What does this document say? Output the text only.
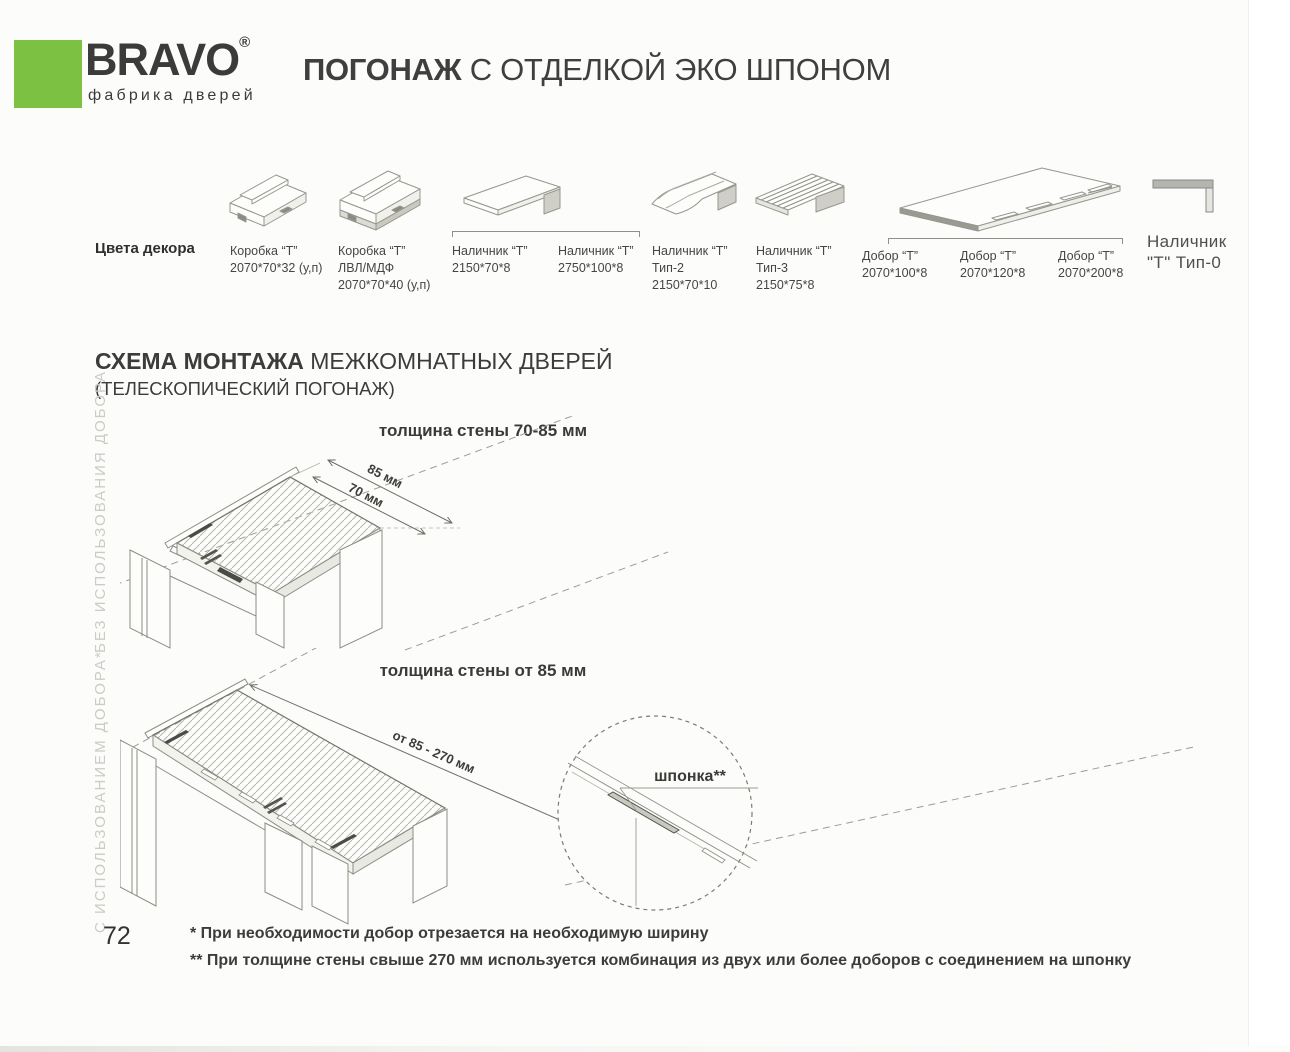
BRAVO®
фабрика дверей
ПОГОНАЖ С ОТДЕЛКОЙ ЭКО ШПОНОМ
Цвета декора	Коробка “Т”
2070*70*32 (у,п)
Коробка “Т”
ЛВЛ/МДФ
2070*70*40 (у,п)
Наличник “Т”
2150*70*8
Наличник “Т”
2750*100*8
Наличник “Т”
Тип-2
2150*70*10
Наличник “Т”
Тип-3
2150*75*8
Добор “Т”
2070*100*8
Добор “Т”
2070*120*8
Добор “Т”
2070*200*8
Наличник
"Т" Тип-0
СХЕМА МОНТАЖА МЕЖКОМНАТНЫХ ДВЕРЕЙ
(ТЕЛЕСКОПИЧЕСКИЙ ПОГОНАЖ)
БЕЗ ИСПОЛЬЗОВАНИЯ ДОБОРА
С ИСПОЛЬЗОВАНИЕМ ДОБОРА*
толщина стены 70-85 мм
толщина стены от 85 мм
85 мм
70 мм
от 85 - 270 мм
шпонка**
72	* При необходимости добор отрезается на необходимую ширину
** При толщине стены свыше 270 мм используется комбинация из двух или более доборов с соединением на шпонку
